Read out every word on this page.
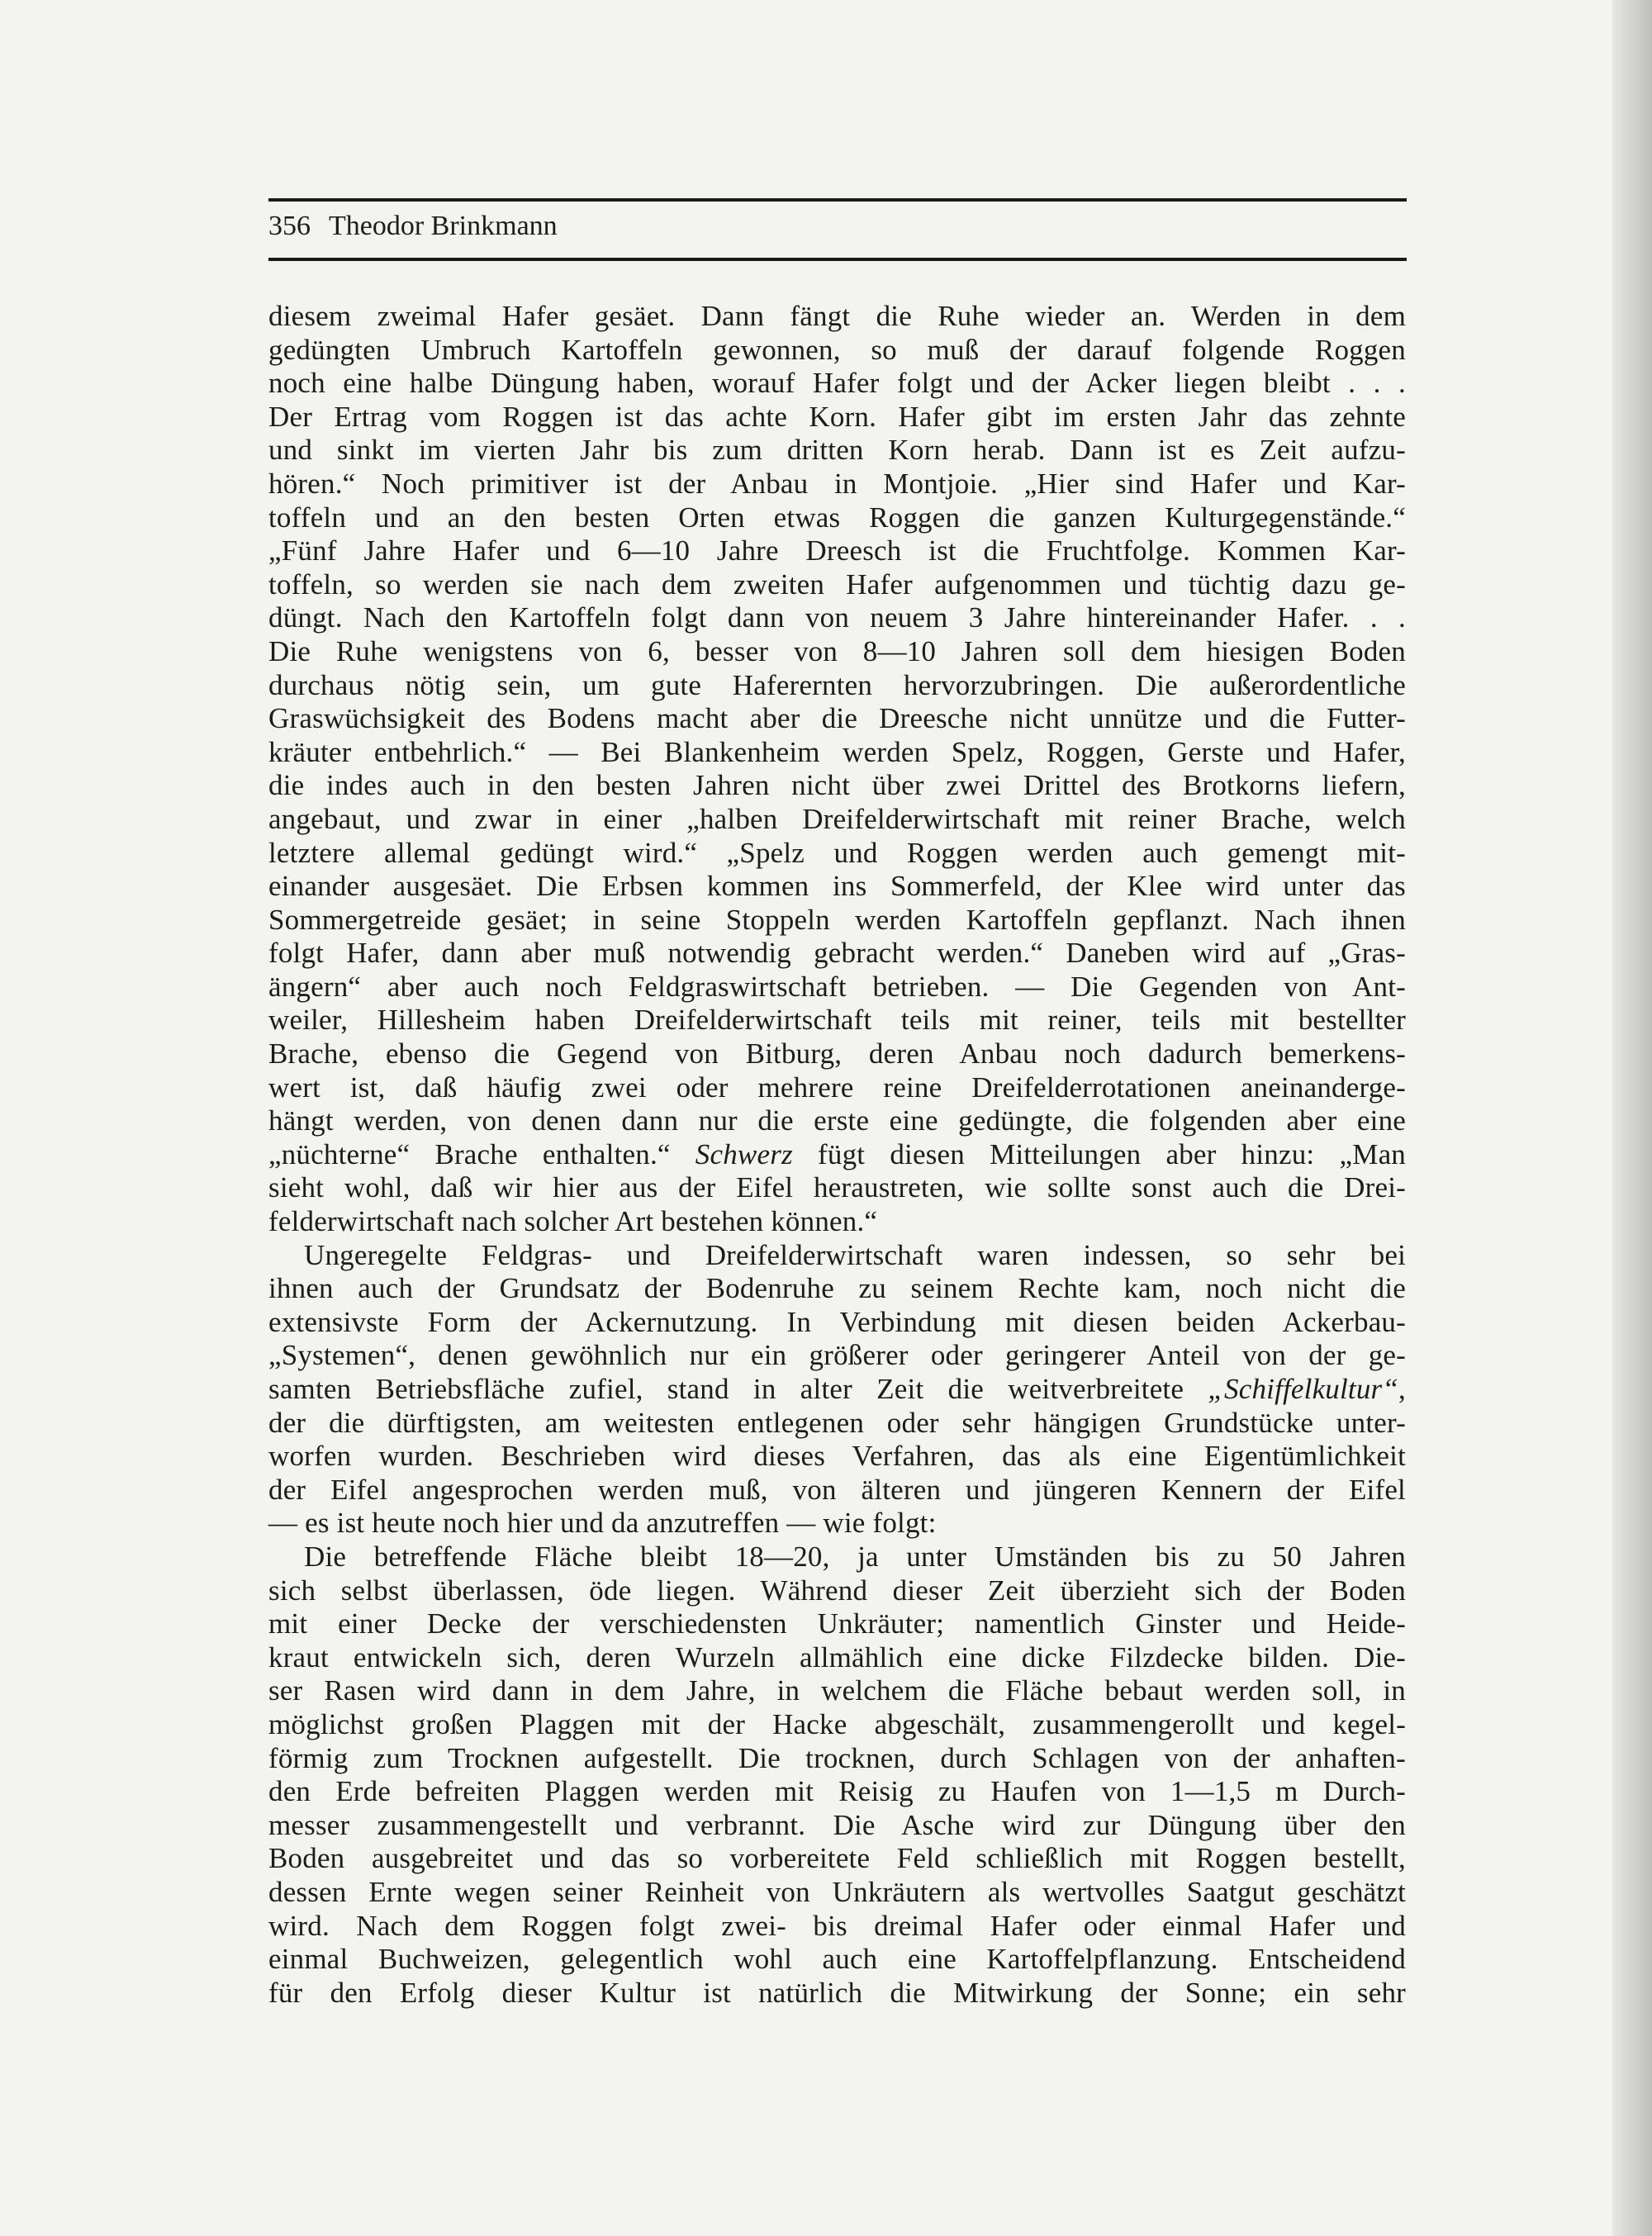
356 Theodor Brinkmann
diesem zweimal Hafer gesäet. Dann fängt die Ruhe wieder an. Werden in dem
gedüngten Umbruch Kartoffeln gewonnen, so muß der darauf folgende Roggen
noch eine halbe Düngung haben, worauf Hafer folgt und der Acker liegen bleibt . . .
Der Ertrag vom Roggen ist das achte Korn. Hafer gibt im ersten Jahr das zehnte
und sinkt im vierten Jahr bis zum dritten Korn herab. Dann ist es Zeit aufzu-
hören.“ Noch primitiver ist der Anbau in Montjoie. „Hier sind Hafer und Kar-
toffeln und an den besten Orten etwas Roggen die ganzen Kulturgegenstände.“
„Fünf Jahre Hafer und 6—10 Jahre Dreesch ist die Fruchtfolge. Kommen Kar-
toffeln, so werden sie nach dem zweiten Hafer aufgenommen und tüchtig dazu ge-
düngt. Nach den Kartoffeln folgt dann von neuem 3 Jahre hintereinander Hafer. . .
Die Ruhe wenigstens von 6, besser von 8—10 Jahren soll dem hiesigen Boden
durchaus nötig sein, um gute Haferernten hervorzubringen. Die außerordentliche
Graswüchsigkeit des Bodens macht aber die Dreesche nicht unnütze und die Futter-
kräuter entbehrlich.“ — Bei Blankenheim werden Spelz, Roggen, Gerste und Hafer,
die indes auch in den besten Jahren nicht über zwei Drittel des Brotkorns liefern,
angebaut, und zwar in einer „halben Dreifelderwirtschaft mit reiner Brache, welch
letztere allemal gedüngt wird.“ „Spelz und Roggen werden auch gemengt mit-
einander ausgesäet. Die Erbsen kommen ins Sommerfeld, der Klee wird unter das
Sommergetreide gesäet; in seine Stoppeln werden Kartoffeln gepflanzt. Nach ihnen
folgt Hafer, dann aber muß notwendig gebracht werden.“ Daneben wird auf „Gras-
ängern“ aber auch noch Feldgraswirtschaft betrieben. — Die Gegenden von Ant-
weiler, Hillesheim haben Dreifelderwirtschaft teils mit reiner, teils mit bestellter
Brache, ebenso die Gegend von Bitburg, deren Anbau noch dadurch bemerkens-
wert ist, daß häufig zwei oder mehrere reine Dreifelderrotationen aneinanderge-
hängt werden, von denen dann nur die erste eine gedüngte, die folgenden aber eine
„nüchterne“ Brache enthalten.“ Schwerz fügt diesen Mitteilungen aber hinzu: „Man
sieht wohl, daß wir hier aus der Eifel heraustreten, wie sollte sonst auch die Drei-
felderwirtschaft nach solcher Art bestehen können.“
Ungeregelte Feldgras- und Dreifelderwirtschaft waren indessen, so sehr bei
ihnen auch der Grundsatz der Bodenruhe zu seinem Rechte kam, noch nicht die
extensivste Form der Ackernutzung. In Verbindung mit diesen beiden Ackerbau-
„Systemen“, denen gewöhnlich nur ein größerer oder geringerer Anteil von der ge-
samten Betriebsfläche zufiel, stand in alter Zeit die weitverbreitete „Schiffelkultur“,
der die dürftigsten, am weitesten entlegenen oder sehr hängigen Grundstücke unter-
worfen wurden. Beschrieben wird dieses Verfahren, das als eine Eigentümlichkeit
der Eifel angesprochen werden muß, von älteren und jüngeren Kennern der Eifel
— es ist heute noch hier und da anzutreffen — wie folgt:
Die betreffende Fläche bleibt 18—20, ja unter Umständen bis zu 50 Jahren
sich selbst überlassen, öde liegen. Während dieser Zeit überzieht sich der Boden
mit einer Decke der verschiedensten Unkräuter; namentlich Ginster und Heide-
kraut entwickeln sich, deren Wurzeln allmählich eine dicke Filzdecke bilden. Die-
ser Rasen wird dann in dem Jahre, in welchem die Fläche bebaut werden soll, in
möglichst großen Plaggen mit der Hacke abgeschält, zusammengerollt und kegel-
förmig zum Trocknen aufgestellt. Die trocknen, durch Schlagen von der anhaften-
den Erde befreiten Plaggen werden mit Reisig zu Haufen von 1—1,5 m Durch-
messer zusammengestellt und verbrannt. Die Asche wird zur Düngung über den
Boden ausgebreitet und das so vorbereitete Feld schließlich mit Roggen bestellt,
dessen Ernte wegen seiner Reinheit von Unkräutern als wertvolles Saatgut geschätzt
wird. Nach dem Roggen folgt zwei- bis dreimal Hafer oder einmal Hafer und
einmal Buchweizen, gelegentlich wohl auch eine Kartoffelpflanzung. Entscheidend
für den Erfolg dieser Kultur ist natürlich die Mitwirkung der Sonne; ein sehr
